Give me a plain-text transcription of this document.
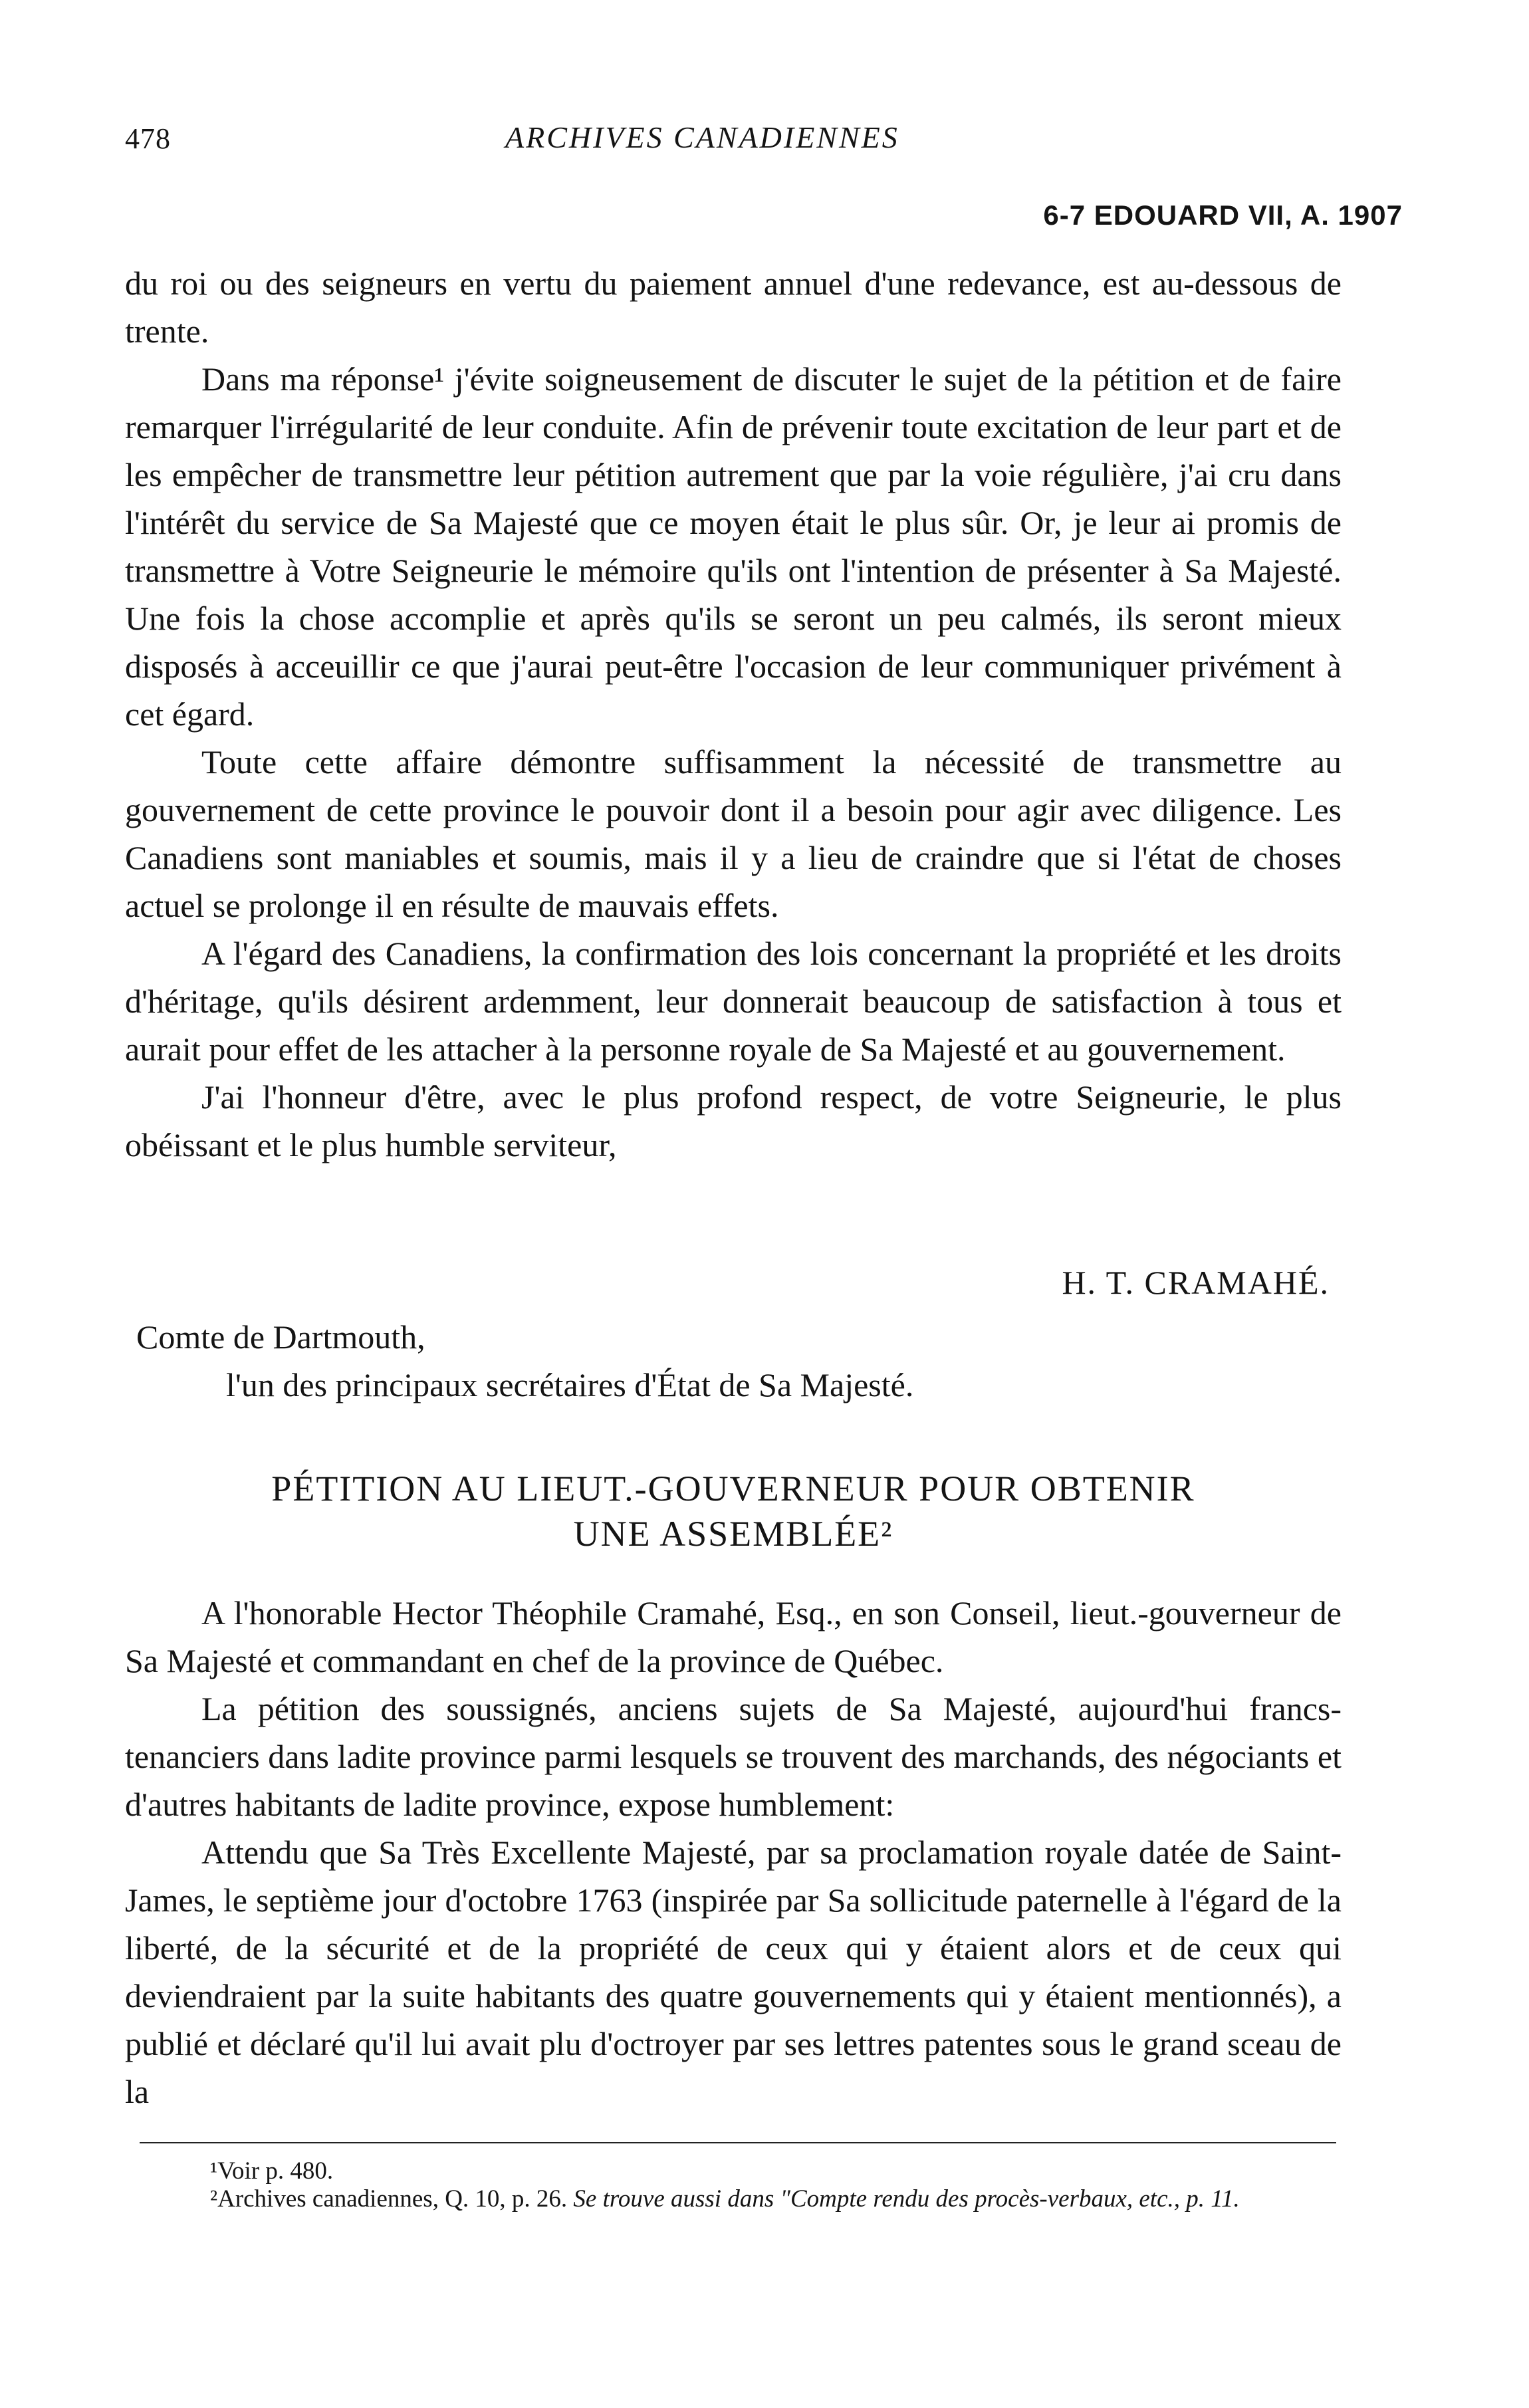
478	ARCHIVES CANADIENNES
6-7 EDOUARD VII, A. 1907

du roi ou des seigneurs en vertu du paiement annuel d'une redevance, est au-dessous de trente.

Dans ma réponse¹ j'évite soigneusement de discuter le sujet de la pétition et de faire remarquer l'irrégularité de leur conduite. Afin de prévenir toute excitation de leur part et de les empêcher de transmettre leur pétition autrement que par la voie régulière, j'ai cru dans l'intérêt du service de Sa Majesté que ce moyen était le plus sûr. Or, je leur ai promis de transmettre à Votre Seigneurie le mémoire qu'ils ont l'intention de présenter à Sa Majesté. Une fois la chose accomplie et après qu'ils se seront un peu calmés, ils seront mieux disposés à acceuillir ce que j'aurai peut-être l'occasion de leur communiquer privément à cet égard.

Toute cette affaire démontre suffisamment la nécessité de transmettre au gouvernement de cette province le pouvoir dont il a besoin pour agir avec diligence. Les Canadiens sont maniables et soumis, mais il y a lieu de craindre que si l'état de choses actuel se prolonge il en résulte de mauvais effets.

A l'égard des Canadiens, la confirmation des lois concernant la propriété et les droits d'héritage, qu'ils désirent ardemment, leur donnerait beaucoup de satisfaction à tous et aurait pour effet de les attacher à la personne royale de Sa Majesté et au gouvernement.

J'ai l'honneur d'être, avec le plus profond respect, de votre Seigneurie, le plus obéissant et le plus humble serviteur,

H. T. CRAMAHÉ.
Comte de Dartmouth,
l'un des principaux secrétaires d'État de Sa Majesté.
PÉTITION AU LIEUT.-GOUVERNEUR POUR OBTENIR
UNE ASSEMBLÉE²

A l'honorable Hector Théophile Cramahé, Esq., en son Conseil, lieut.-gouverneur de Sa Majesté et commandant en chef de la province de Québec.

La pétition des soussignés, anciens sujets de Sa Majesté, aujourd'hui francs-tenanciers dans ladite province parmi lesquels se trouvent des marchands, des négociants et d'autres habitants de ladite province, expose humblement:

Attendu que Sa Très Excellente Majesté, par sa proclamation royale datée de Saint-James, le septième jour d'octobre 1763 (inspirée par Sa sollicitude paternelle à l'égard de la liberté, de la sécurité et de la propriété de ceux qui y étaient alors et de ceux qui deviendraient par la suite habitants des quatre gouvernements qui y étaient mentionnés), a publié et déclaré qu'il lui avait plu d'octroyer par ses lettres patentes sous le grand sceau de la

¹Voir p. 480.
²Archives canadiennes, Q. 10, p. 26. Se trouve aussi dans "Compte rendu des procès-verbaux, etc., p. 11.
